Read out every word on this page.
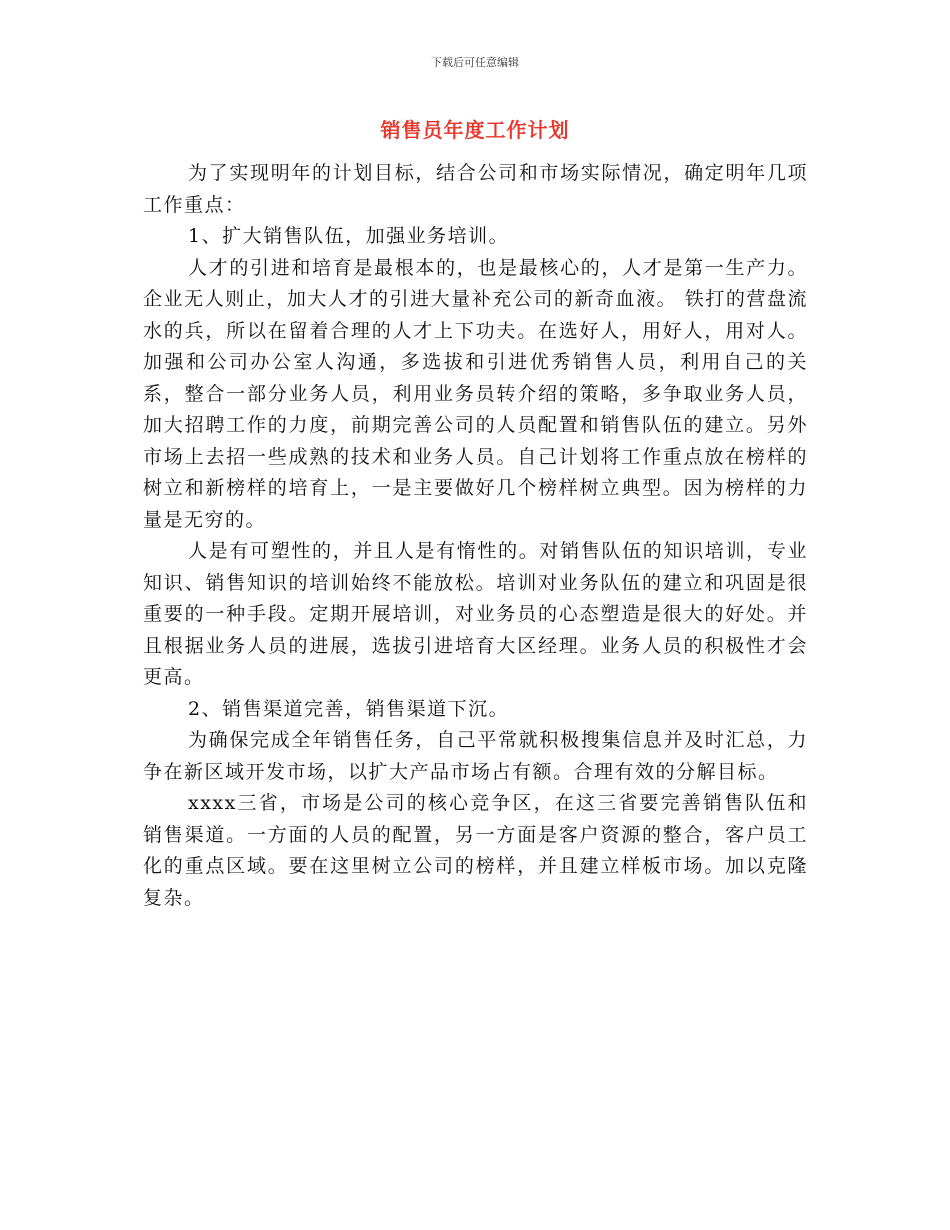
下载后可任意编辑
销售员年度工作计划

为了实现明年的计划目标，结合公司和市场实际情况，确定明年几项工作重点：

1、扩大销售队伍，加强业务培训。

人才的引进和培育是最根本的，也是最核心的，人才是第一生产力。企业无人则止，加大人才的引进大量补充公司的新奇血液。 铁打的营盘流水的兵，所以在留着合理的人才上下功夫。在选好人，用好人，用对人。加强和公司办公室人沟通，多选拔和引进优秀销售人员，利用自己的关系，整合一部分业务人员，利用业务员转介绍的策略，多争取业务人员，加大招聘工作的力度，前期完善公司的人员配置和销售队伍的建立。另外市场上去招一些成熟的技术和业务人员。自己计划将工作重点放在榜样的树立和新榜样的培育上，一是主要做好几个榜样树立典型。因为榜样的力量是无穷的。

人是有可塑性的，并且人是有惰性的。对销售队伍的知识培训，专业知识、销售知识的培训始终不能放松。培训对业务队伍的建立和巩固是很重要的一种手段。定期开展培训，对业务员的心态塑造是很大的好处。并且根据业务人员的进展，选拔引进培育大区经理。业务人员的积极性才会更高。

2、销售渠道完善，销售渠道下沉。

为确保完成全年销售任务，自己平常就积极搜集信息并及时汇总，力争在新区域开发市场，以扩大产品市场占有额。合理有效的分解目标。

xxxx三省，市场是公司的核心竞争区，在这三省要完善销售队伍和销售渠道。一方面的人员的配置，另一方面是客户资源的整合，客户员工化的重点区域。要在这里树立公司的榜样，并且建立样板市场。加以克隆复杂。
